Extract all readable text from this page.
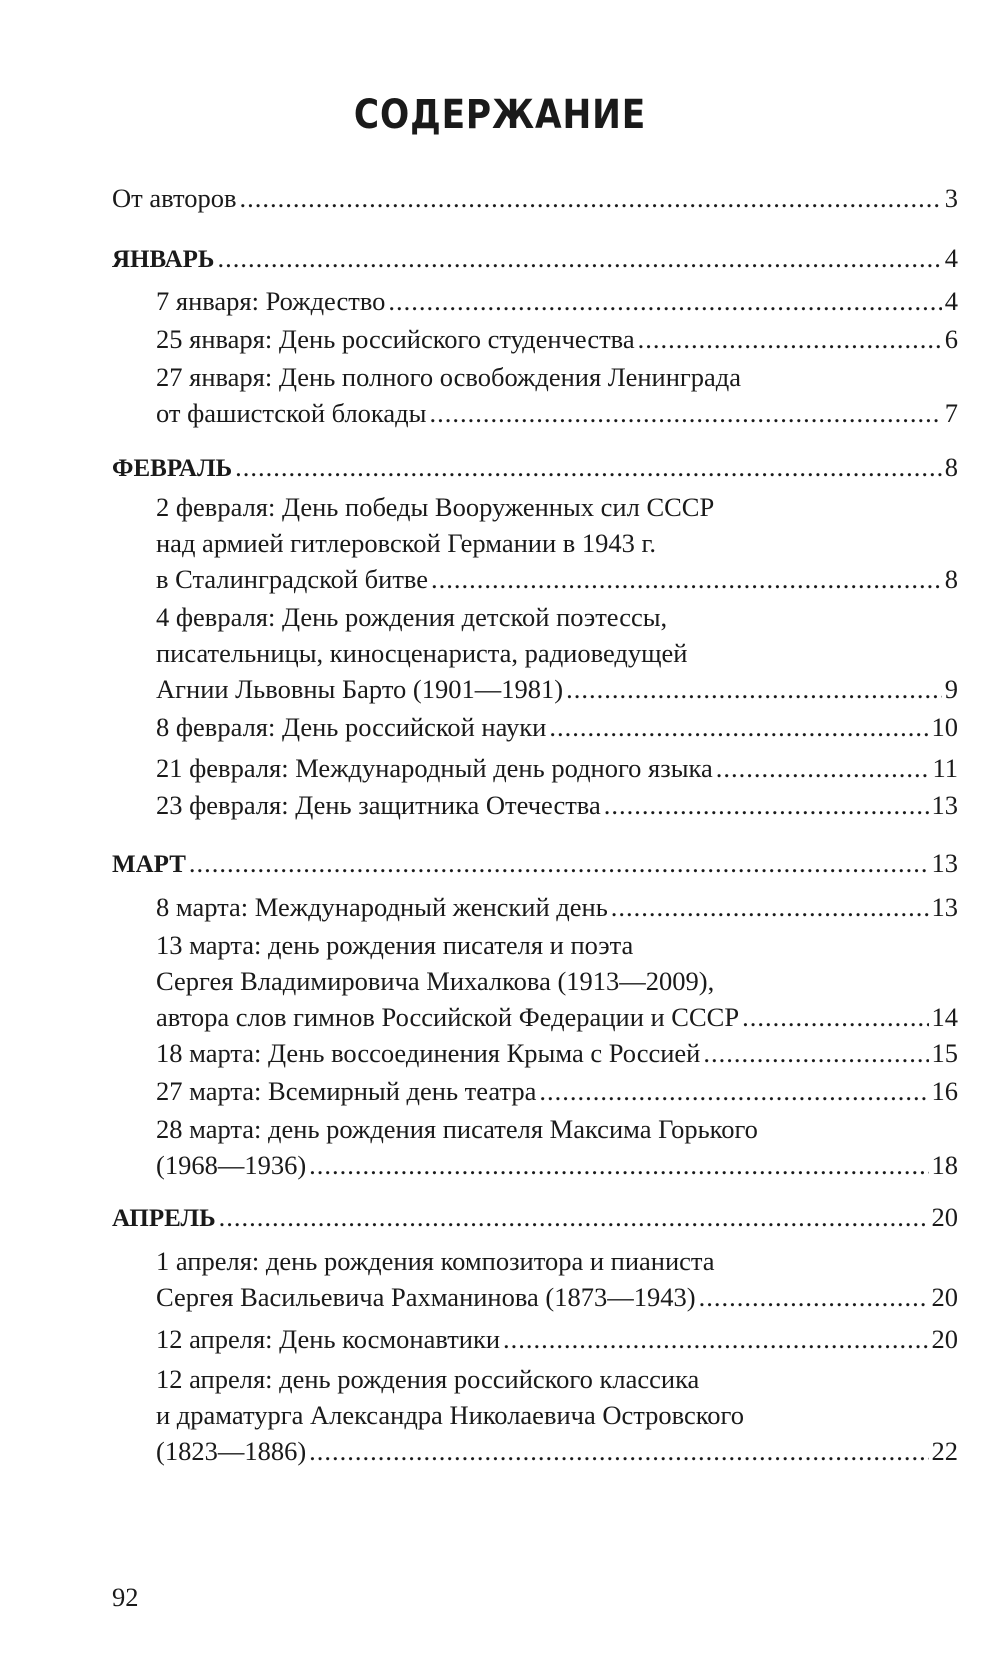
СОДЕРЖАНИЕ
От авторов .....	3
ЯНВАРЬ .....	4
7 января: Рождество .....	4
25 января: День российского студенчества .....	6
27 января: День полного освобождения Ленинграда
от фашистской блокады .....	7
ФЕВРАЛЬ .....	8
2 февраля: День победы Вооруженных сил СССР
над армией гитлеровской Германии в 1943 г.
в Сталинградской битве .....	8
4 февраля: День рождения детской поэтессы,
писательницы, киносценариста, радиоведущей
Агнии Львовны Барто (1901—1981) .....	9
8 февраля: День российской науки .....	10
21 февраля: Международный день родного языка .....	11
23 февраля: День защитника Отечества .....	13
МАРТ .....	13
8 марта: Международный женский день .....	13
13 марта: день рождения писателя и поэта
Сергея Владимировича Михалкова (1913—2009),
автора слов гимнов Российской Федерации и СССР .....	14
18 марта: День воссоединения Крыма с Россией .....	15
27 марта: Всемирный день театра .....	16
28 марта: день рождения писателя Максима Горького
(1968—1936) .....	18
АПРЕЛЬ .....	20
1 апреля: день рождения композитора и пианиста
Сергея Васильевича Рахманинова (1873—1943) .....	20
12 апреля: День космонавтики .....	20
12 апреля: день рождения российского классика
и драматурга Александра Николаевича Островского
(1823—1886) .....	22
92
